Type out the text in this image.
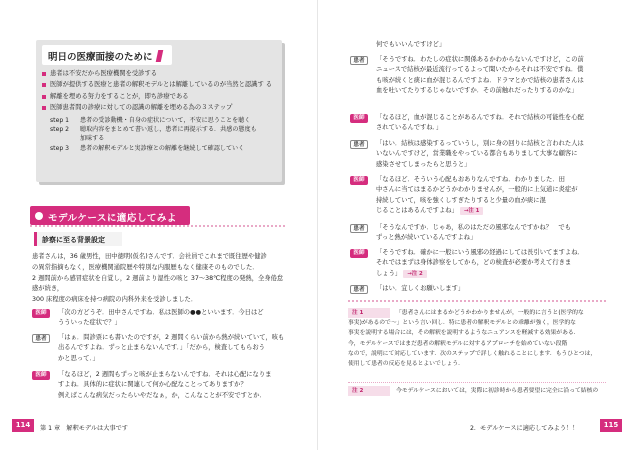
明日の医療面接のために
患者は不安だから医療機関を受診する
医師が提供する医療と患者の解釈モデルとは解離しているのが当然と認識す る
解離を埋める努力をすることが，即ち診療である
医師患者間の診療に対しての認識の解離を埋める為の３ステップ
step 1	患者の受診動機・自身の症状について，不安に思うことを聴く
step 2	聴取内容をまとめて書い返し，患者に再提示する．共感の態度も
加味する
step 3	患者の解釈モデルと実診療との解離を継続して確認していく
モデルケースに適応してみよ
診察に至る背景設定
患者さんは，36 歳男性，田中徳明(仮名)さんです．会社員でこれまで既往歴や健診
の異常指摘もなく，医療機関通院歴や特別な内服歴もなく健康そのものでした．
2 週間前から感冒症状を自覚し，2 週前より湿性の咳と 37〜38℃程度の発熱，全身倦怠感が続き，
300 床程度の病床を持つ病院の内科外来を受診しました．
医師	「次の方どうぞ．田中さんですね．私は医師の●●といいます．今日はど
うういった症状で？」
患者	「はぁ．問診票にも書いたのですが，2 週間くらい前から熱が続いていて，咳も
出るんですよね．ずっと止まらないんです．」「だから，検査してもらおう
かと思って．」
医師	「なるほど，2 週間もずっと咳が止まらないんですね．それは心配になりま
すよね．具体的に症状に関連して何か心配なことってありますか？
例えばこんな病気だったらいやだなぁ，か，こんなことが不安ですとか．
114	第 1 章　解釈モデルは大事です
何でもいいんですけど」
患者	「そうですね．わたしの症状に関係あるかわからないんですけど，この前
ニュースで結核が最近流行ってるよって聞いたからそれは不安ですね．僕
も咳が続くと痰に血が混じるんですよね．ドラマとかで結核の患者さんは
血を吐いてたりするじゃないですか．その前触れだったりするのかな」
医師	「なるほど，血が混じることがあるんですね．それで結核の可能性を心配
されているんですね．」
患者	「はい．結核は感染するっていうし，別に身の回りに結核と言われた人は
いないんですけど，営業職をやっている都合もありまして大事な顧客に
感染させてしまったらと思うと」
医師	「なるほど．そういう心配もおありなんですね．わかりました．田
中さんに当てはまるかどうかわかりませんが，一般的に上気道に炎症が
持続していて，咳を強くしすぎたりすると少量の血が痰に混
じることはあるんですよね」 →注 1
患者	「そうなんですか．じゃあ，私のはただの風邪なんですかね？　でも
ずっと熱が続いているんですよね」
医師	「そうですね．確かに一般にいう風邪の経過にしては長引いてますよね．
それではまずは身体診察をしてから，どの検査が必要か考えて行きま
しょう」 →注 2
患者	「はい．宜しくお願いします」
注 1	「患者さんにはまるかどうかわかりませんが，一般的に言うと(医学的な
事実)があるので〜」という言い回し．特に患者の解釈モデルとの乖離が強く，医学的な
事実を説明する場合には，その解釈を説明するようなニュアンスを軽減する効果がある．
今，モデルケースではまだ患者の解釈モデルに対するアプローチを始めていない段階
なので，説明にて対応しています．次のステップで詳しく触れることにします．もうひとつは，
使用して患者の反応を見るとよいでしょう．
注 2	今モデルケースにおいては，実際に初診時から患者要望に完全に沿って結核の
2．モデルケースに適応してみよう！！	115
